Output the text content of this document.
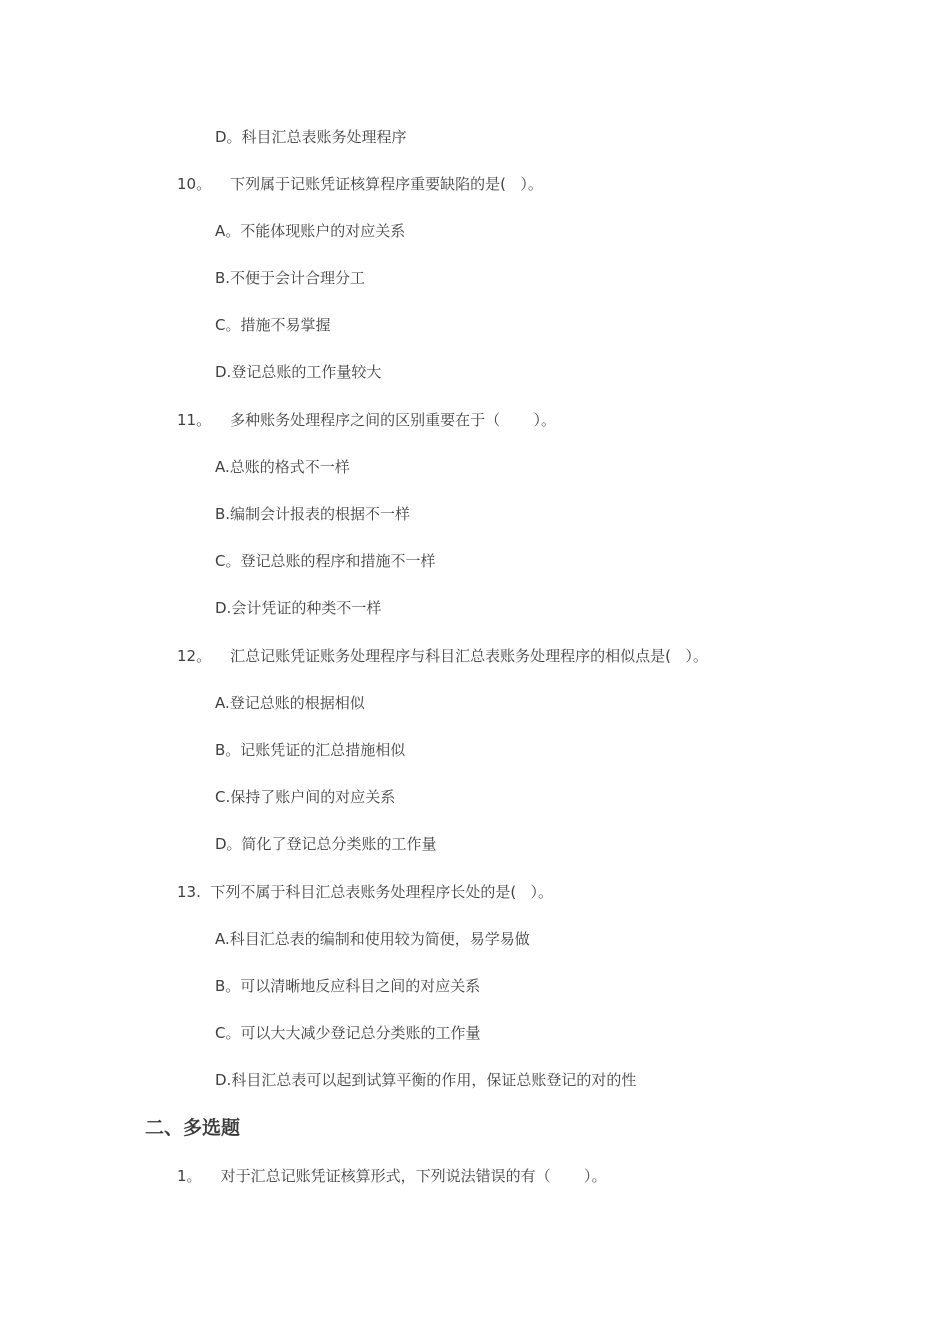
D。科目汇总表账务处理程序
10。    下列属于记账凭证核算程序重要缺陷的是(   ）。
A。不能体现账户的对应关系
B.不便于会计合理分工
C。措施不易掌握
D.登记总账的工作量较大
11。    多种账务处理程序之间的区别重要在于（       ）。
A.总账的格式不一样
B.编制会计报表的根据不一样
C。登记总账的程序和措施不一样
D.会计凭证的种类不一样
12。    汇总记账凭证账务处理程序与科目汇总表账务处理程序的相似点是(   ）。
A.登记总账的根据相似
B。记账凭证的汇总措施相似
C.保持了账户间的对应关系
D。简化了登记总分类账的工作量
13.  下列不属于科目汇总表账务处理程序长处的是(   ）。
A.科目汇总表的编制和使用较为简便，易学易做
B。可以清晰地反应科目之间的对应关系
C。可以大大减少登记总分类账的工作量
D.科目汇总表可以起到试算平衡的作用，保证总账登记的对的性
二、多选题
1。    对于汇总记账凭证核算形式，下列说法错误的有（       ）。
